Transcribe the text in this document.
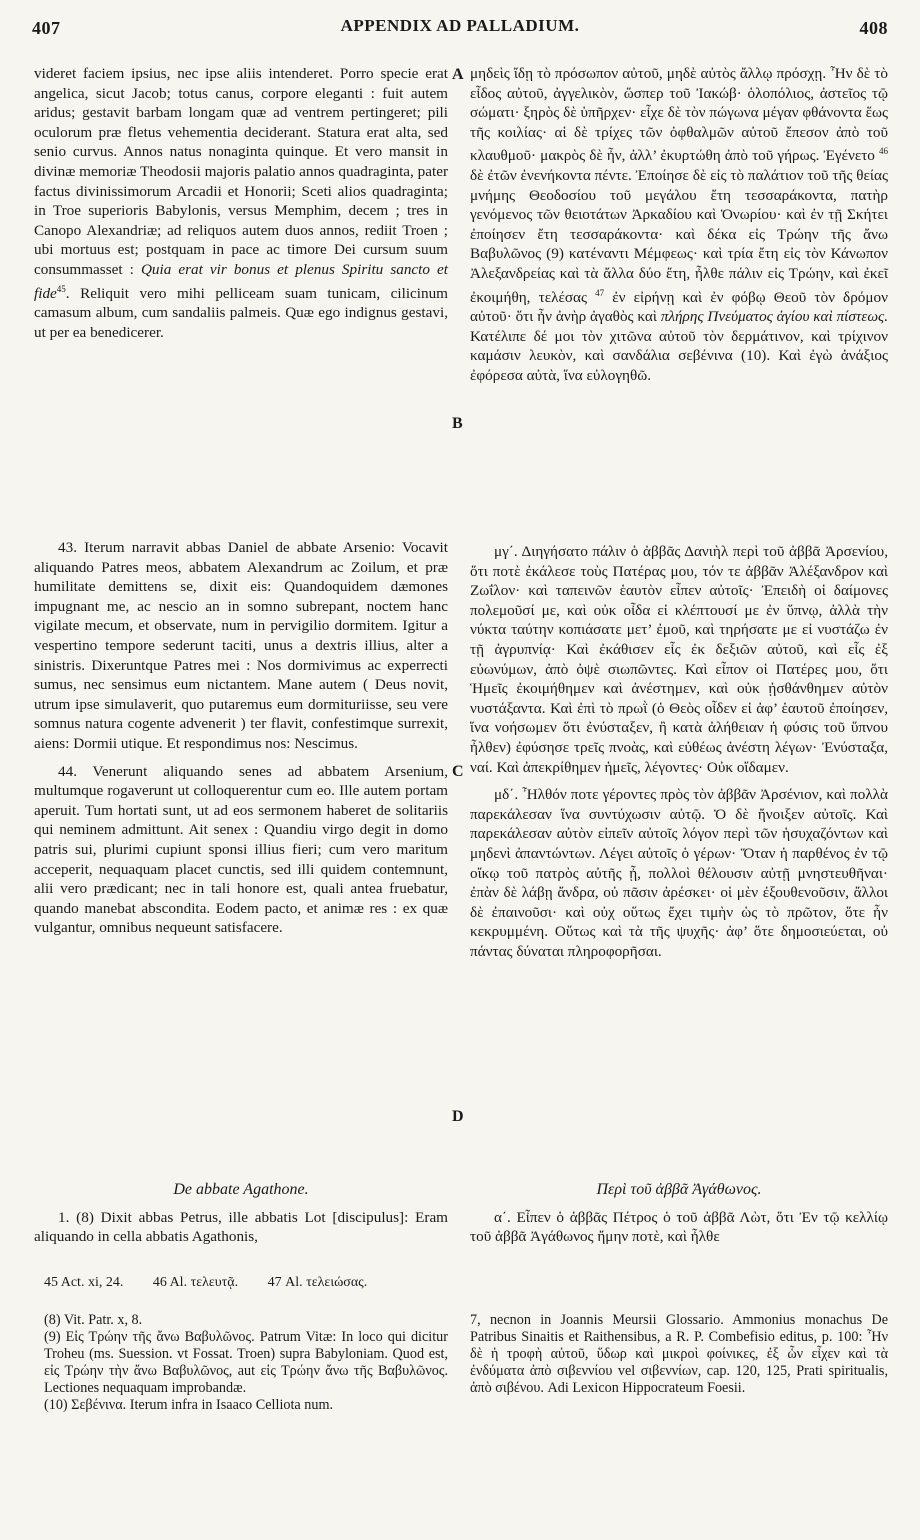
407	APPENDIX AD PALLADIUM.	408

videret faciem ipsius, nec ipse aliis intenderet. Porro specie erat angelica, sicut Jacob; totus canus, corpore eleganti : fuit autem aridus; gestavit barbam longam quæ ad ventrem pertingeret; pili oculorum præ fletus vehementia deciderant. Statura erat alta, sed senio curvus. Annos natus nonaginta quinque. Et vero mansit in divinæ memoriæ Theodosii majoris palatio annos quadraginta, pater factus divinissimorum Arcadii et Honorii; Sceti alios quadraginta; in Troe superioris Babylonis, versus Memphim, decem ; tres in Canopo Alexandriæ; ad reliquos autem duos annos, rediit Troen ; ubi mortuus est; postquam in pace ac timore Dei cursum suum consummasset : Quia erat vir bonus et plenus Spiritu sancto et fide$^{45}$. Reliquit vero mihi pelliceam suam tunicam, cilicinum camasum album, cum sandaliis palmeis. Quæ ego indignus gestavi, ut per ea benedicerer.

43. Iterum narravit abbas Daniel de abbate Arsenio: Vocavit aliquando Patres meos, abbatem Alexandrum ac Zoilum, et præ humilitate demittens se, dixit eis: Quandoquidem dæmones impugnant me, ac nescio an in somno subrepant, noctem hanc vigilate mecum, et observate, num in pervigilio dormitem. Igitur a vespertino tempore sederunt taciti, unus a dextris illius, alter a sinistris. Dixeruntque Patres mei : Nos dormivimus ac experrecti sumus, nec sensimus eum nictantem. Mane autem ( Deus novit, utrum ipse simulaverit, quo putaremus eum dormituriisse, seu vere somnus natura cogente advenerit ) ter flavit, confestimque surrexit, aiens: Dormii utique. Et respondimus nos: Nescimus.

44. Venerunt aliquando senes ad abbatem Arsenium, multumque rogaverunt ut colloquerentur cum eo. Ille autem portam aperuit. Tum hortati sunt, ut ad eos sermonem haberet de solitariis qui neminem admittunt. Ait senex : Quandiu virgo degit in domo patris sui, plurimi cupiunt sponsi illius fieri; cum vero maritum acceperit, nequaquam placet cunctis, sed illi quidem contemnunt, alii vero prædicant; nec in tali honore est, quali antea fruebatur, quando manebat abscondita. Eodem pacto, et animæ res : ex quæ vulgantur, omnibus nequeunt satisfacere.

De abbate Agathone.

1. (8) Dixit abbas Petrus, ille abbatis Lot [discipulus]: Eram aliquando in cella abbatis Agathonis,

A
B
C
D

μηδεὶς ἴδῃ τὸ πρόσωπον αὐτοῦ, μηδὲ αὐτὸς ἄλλῳ πρόσχῃ. Ἦν δὲ τὸ εἶδος αὐτοῦ, ἀγγελικὸν, ὥσπερ τοῦ Ἰακώβ· ὁλοπόλιος, ἀστεῖος τῷ σώματι· ξηρὸς δὲ ὑπῆρχεν· εἶχε δὲ τὸν πώγωνα μέγαν φθάνοντα ἕως τῆς κοιλίας· αἱ δὲ τρίχες τῶν ὀφθαλμῶν αὐτοῦ ἔπεσον ἀπὸ τοῦ κλαυθμοῦ· μακρὸς δὲ ἦν, ἀλλ’ ἐκυρτώθη ἀπὸ τοῦ γήρως. Ἐγένετο $^{46}$ δὲ ἐτῶν ἐνενήκοντα πέντε. Ἐποίησε δὲ εἰς τὸ παλάτιον τοῦ τῆς θείας μνήμης Θεοδοσίου τοῦ μεγάλου ἔτη τεσσαράκοντα, πατὴρ γενόμενος τῶν θειοτάτων Ἀρκαδίου καὶ Ὁνωρίου· καὶ ἐν τῇ Σκήτει ἐποίησεν ἔτη τεσσαράκοντα· καὶ δέκα εἰς Τρώην τῆς ἄνω Βαβυλῶνος (9) κατέναντι Μέμφεως· καὶ τρία ἔτη εἰς τὸν Κάνωπον Ἀλεξανδρείας καὶ τὰ ἄλλα δύο ἔτη, ἦλθε πάλιν εἰς Τρώην, καὶ ἐκεῖ ἐκοιμήθη, τελέσας $^{47}$ ἐν εἰρήνῃ καὶ ἐν φόβῳ Θεοῦ τὸν δρόμον αὐτοῦ· ὅτι ἦν ἀνὴρ ἀγαθὸς καὶ πλήρης Πνεύματος ἁγίου καὶ πίστεως. Κατέλιπε δέ μοι τὸν χιτῶνα αὐτοῦ τὸν δερμάτινον, καὶ τρίχινον καμάσιν λευκὸν, καὶ σανδάλια σεβένινα (10). Καὶ ἐγὼ ἀνάξιος ἐφόρεσα αὐτὰ, ἵνα εὐλογηθῶ.

μγ΄. Διηγήσατο πάλιν ὁ ἀββᾶς Δανιὴλ περὶ τοῦ ἀββᾶ Ἀρσενίου, ὅτι ποτὲ ἐκάλεσε τοὺς Πατέρας μου, τόν τε ἀββᾶν Ἀλέξανδρον καὶ Ζωΐλον· καὶ ταπεινῶν ἑαυτὸν εἶπεν αὐτοῖς· Ἐπειδὴ οἱ δαίμονες πολεμοῦσί με, καὶ οὐκ οἶδα εἰ κλέπτουσί με ἐν ὕπνῳ, ἀλλὰ τὴν νύκτα ταύτην κοπιάσατε μετ’ ἐμοῦ, καὶ τηρήσατε με εἰ νυστάζω ἐν τῇ ἀγρυπνίᾳ· Καὶ ἐκάθισεν εἷς ἐκ δεξιῶν αὐτοῦ, καὶ εἷς ἐξ εὐωνύμων, ἀπὸ ὀψὲ σιωπῶντες. Καὶ εἶπον οἱ Πατέρες μου, ὅτι Ἡμεῖς ἐκοιμήθημεν καὶ ἀνέστημεν, καὶ οὐκ ᾐσθάνθημεν αὐτὸν νυστάξαντα. Καὶ ἐπὶ τὸ πρωῒ (ὁ Θεὸς οἶδεν εἰ ἀφ’ ἑαυτοῦ ἐποίησεν, ἵνα νοήσωμεν ὅτι ἐνύσταξεν, ἢ κατὰ ἀλήθειαν ἡ φύσις τοῦ ὕπνου ἦλθεν) ἐφύσησε τρεῖς πνοὰς, καὶ εὐθέως ἀνέστη λέγων· Ἐνύσταξα, ναί. Καὶ ἀπεκρίθημεν ἡμεῖς, λέγοντες· Οὐκ οἴδαμεν.

μδ΄. Ἦλθόν ποτε γέροντες πρὸς τὸν ἀββᾶν Ἀρσένιον, καὶ πολλὰ παρεκάλεσαν ἵνα συντύχωσιν αὐτῷ. Ὁ δὲ ἤνοιξεν αὐτοῖς. Καὶ παρεκάλεσαν αὐτὸν εἰπεῖν αὐτοῖς λόγον περὶ τῶν ἡσυχαζόντων καὶ μηδενὶ ἀπαντώντων. Λέγει αὐτοῖς ὁ γέρων· Ὅταν ἡ παρθένος ἐν τῷ οἴκῳ τοῦ πατρὸς αὐτῆς ᾖ, πολλοὶ θέλουσιν αὐτῇ μνηστευθῆναι· ἐπὰν δὲ λάβῃ ἄνδρα, οὐ πᾶσιν ἀρέσκει· οἱ μὲν ἐξουθενοῦσιν, ἄλλοι δὲ ἐπαινοῦσι· καὶ οὐχ οὕτως ἔχει τιμὴν ὡς τὸ πρῶτον, ὅτε ἦν κεκρυμμένη. Οὕτως καὶ τὰ τῆς ψυχῆς· ἀφ’ ὅτε δημοσιεύεται, οὐ πάντας δύναται πληροφορῆσαι.

Περὶ τοῦ ἀββᾶ Ἀγάθωνος.

α΄. Εἶπεν ὁ ἀββᾶς Πέτρος ὁ τοῦ ἀββᾶ Λὼτ, ὅτι Ἐν τῷ κελλίῳ τοῦ ἀββᾶ Ἀγάθωνος ἤμην ποτὲ, καὶ ἦλθε

45 Act. xi, 24. 46 Al. τελευτᾷ. 47 Al. τελειώσας.

(8) Vit. Patr. x, 8.

(9) Εἰς Τρώην τῆς ἄνω Βαβυλῶνος. Patrum Vitæ: In loco qui dicitur Troheu (ms. Suession. vt Fossat. Troen) supra Babyloniam. Quod est, εἰς Τρώην τὴν ἄνω Βαβυλῶνος, aut εἰς Τρώην ἄνω τῆς Βαβυλῶνος. Lectiones nequaquam improbandæ.

(10) Σεβένινα. Iterum infra in Isaaco Celliota num.

7, necnon in Joannis Meursii Glossario. Ammonius monachus De Patribus Sinaitis et Raithensibus, a R. P. Combefisio editus, p. 100: Ἦν δὲ ἡ τροφὴ αὐτοῦ, ὕδωρ καὶ μικροὶ φοίνικες, ἐξ ὧν εἶχεν καὶ τὰ ἐνδύματα ἀπὸ σιβεννίου vel σιβεννίων, cap. 120, 125, Prati spiritualis, ἀπὸ σιβένου. Adi Lexicon Hippocrateum Foesii.
